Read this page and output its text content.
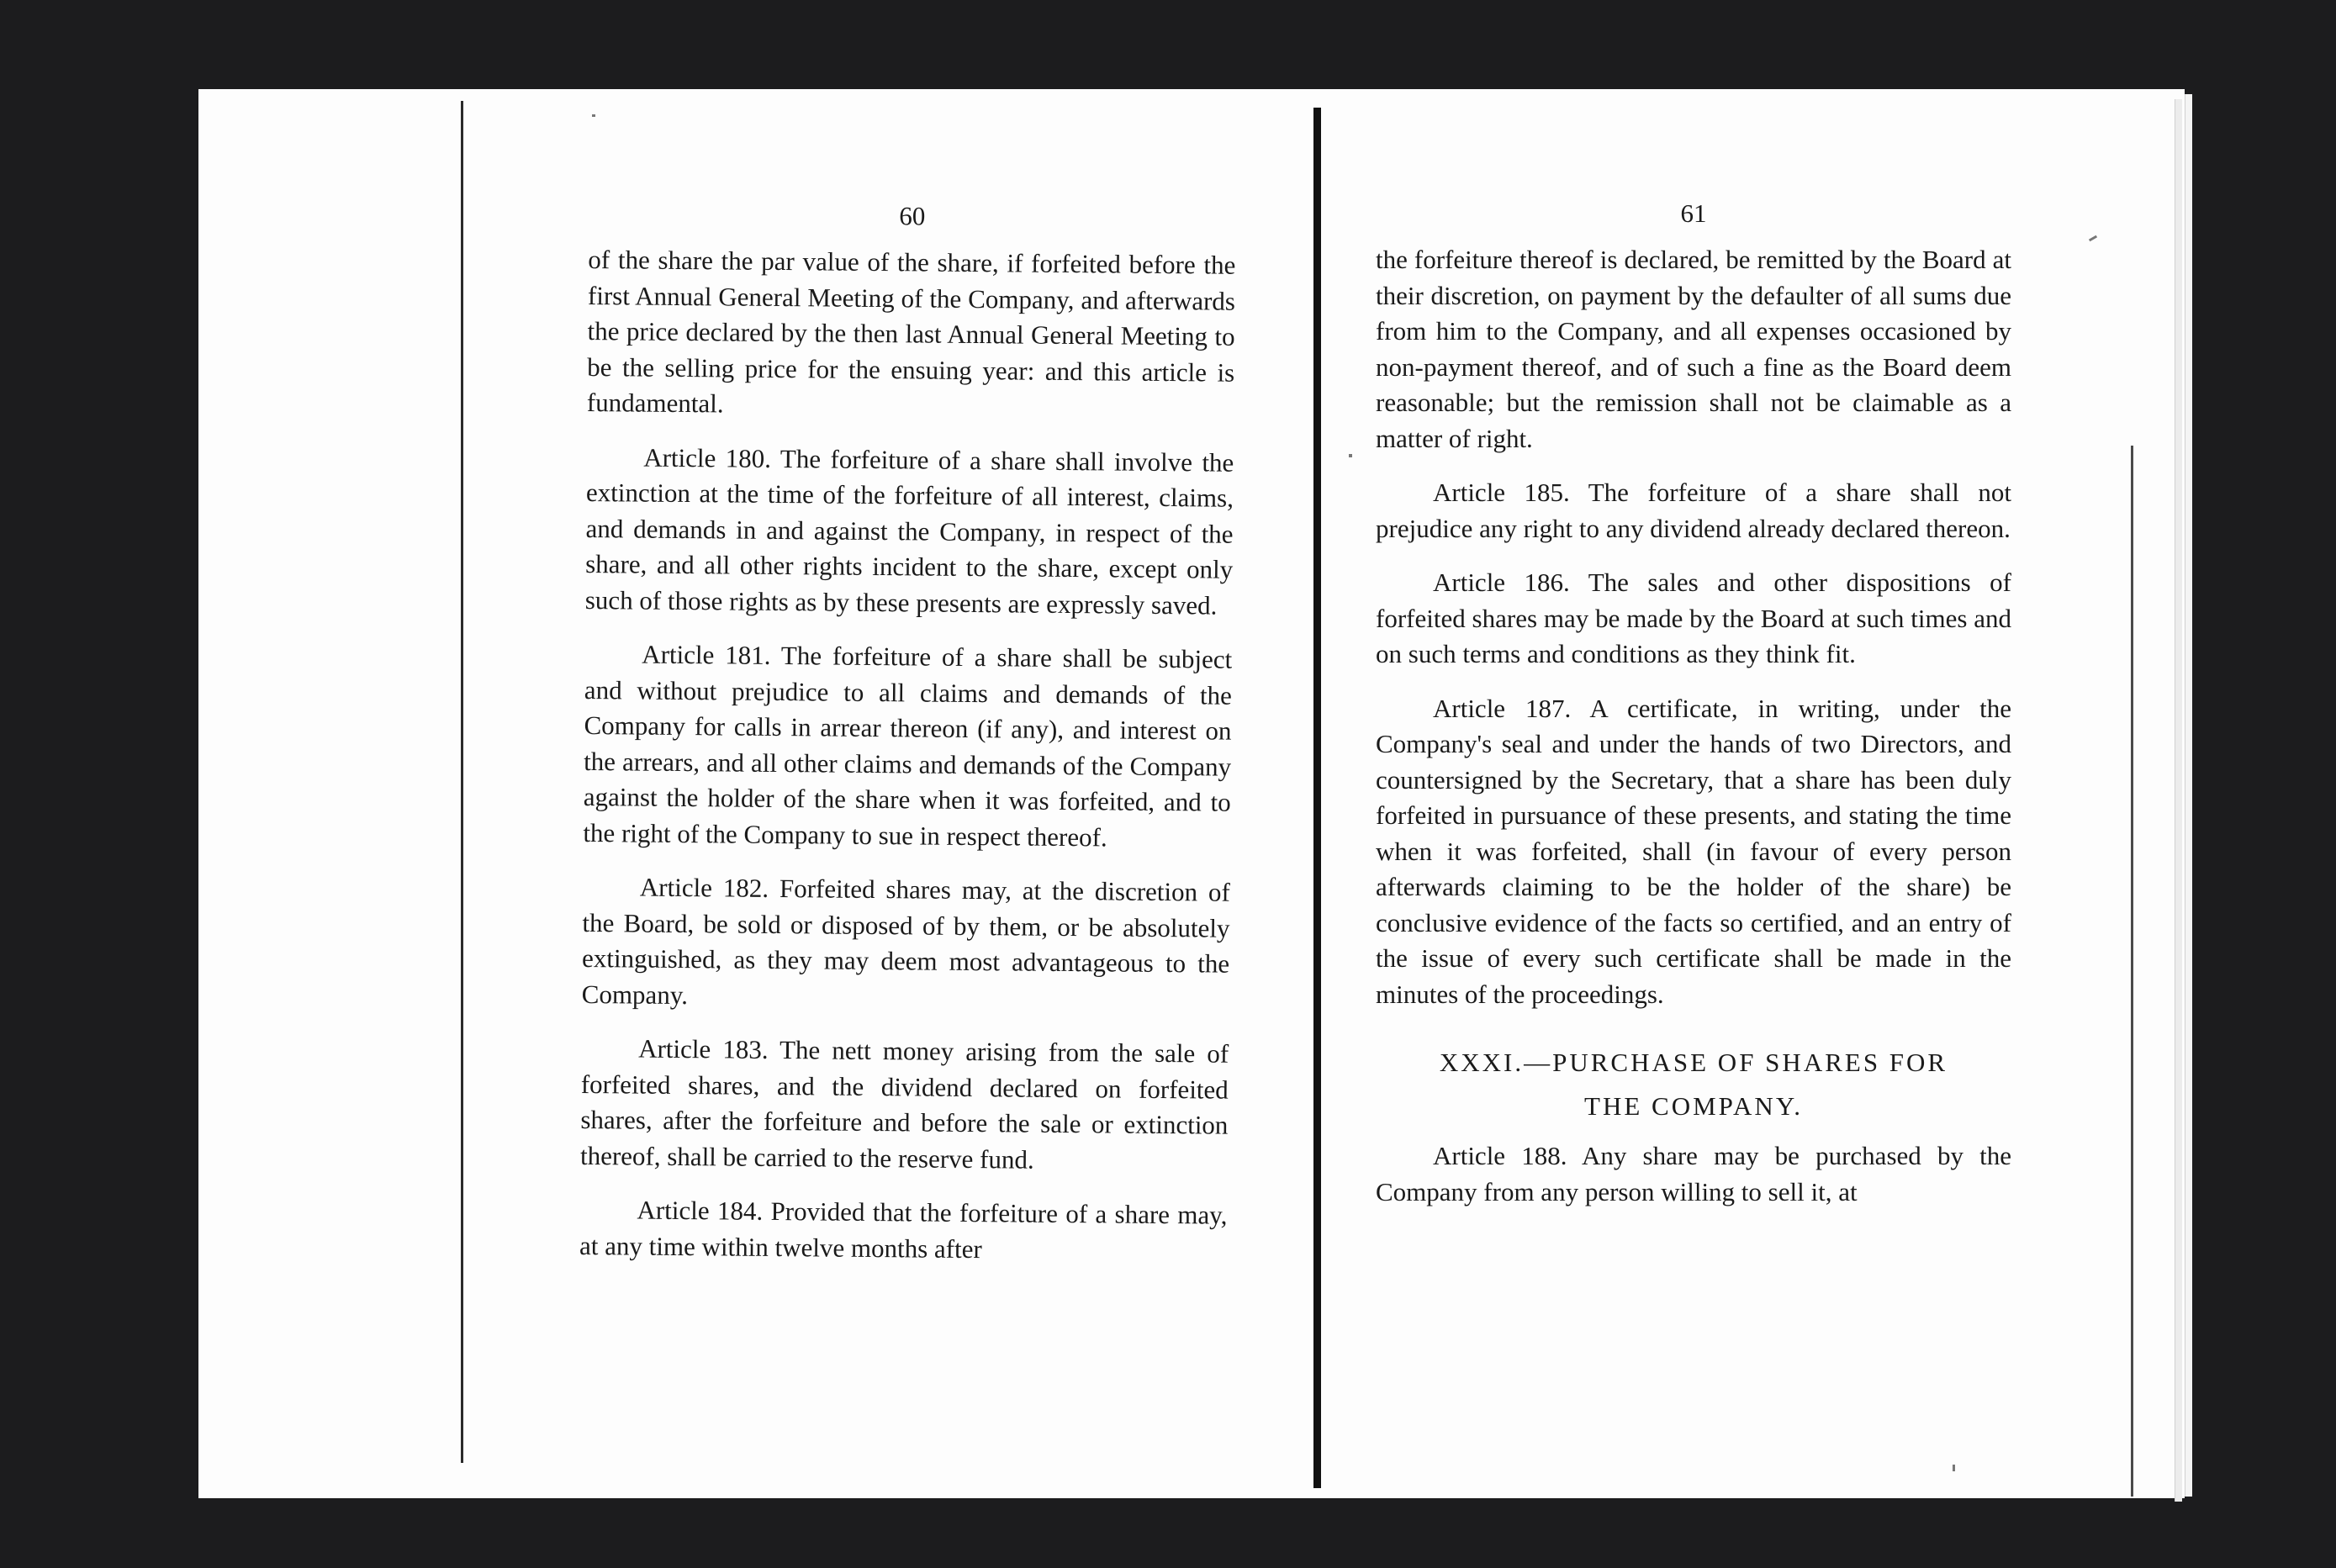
60

of the share the par value of the share, if forfeited before the first Annual General Meeting of the Company, and afterwards the price declared by the then last Annual General Meeting to be the selling price for the ensuing year: and this article is fundamental.

Article 180. The forfeiture of a share shall involve the extinction at the time of the forfeiture of all interest, claims, and demands in and against the Company, in respect of the share, and all other rights incident to the share, except only such of those rights as by these presents are expressly saved.

Article 181. The forfeiture of a share shall be subject and without prejudice to all claims and demands of the Company for calls in arrear thereon (if any), and interest on the arrears, and all other claims and demands of the Company against the holder of the share when it was forfeited, and to the right of the Company to sue in respect thereof.

Article 182. Forfeited shares may, at the discretion of the Board, be sold or disposed of by them, or be absolutely extinguished, as they may deem most advantageous to the Company.

Article 183. The nett money arising from the sale of forfeited shares, and the dividend declared on forfeited shares, after the forfeiture and before the sale or extinction thereof, shall be carried to the reserve fund.

Article 184. Provided that the forfeiture of a share may, at any time within twelve months after

61

the forfeiture thereof is declared, be remitted by the Board at their discretion, on payment by the defaulter of all sums due from him to the Company, and all expenses occasioned by non-payment thereof, and of such a fine as the Board deem reasonable; but the remission shall not be claimable as a matter of right.

Article 185. The forfeiture of a share shall not prejudice any right to any dividend already declared thereon.

Article 186. The sales and other dispositions of forfeited shares may be made by the Board at such times and on such terms and conditions as they think fit.

Article 187. A certificate, in writing, under the Company's seal and under the hands of two Directors, and countersigned by the Secretary, that a share has been duly forfeited in pursuance of these presents, and stating the time when it was forfeited, shall (in favour of every person afterwards claiming to be the holder of the share) be conclusive evidence of the facts so certified, and an entry of the issue of every such certificate shall be made in the minutes of the proceedings.

XXXI.—PURCHASE OF SHARES FOR
THE COMPANY.

Article 188. Any share may be purchased by the Company from any person willing to sell it, at
